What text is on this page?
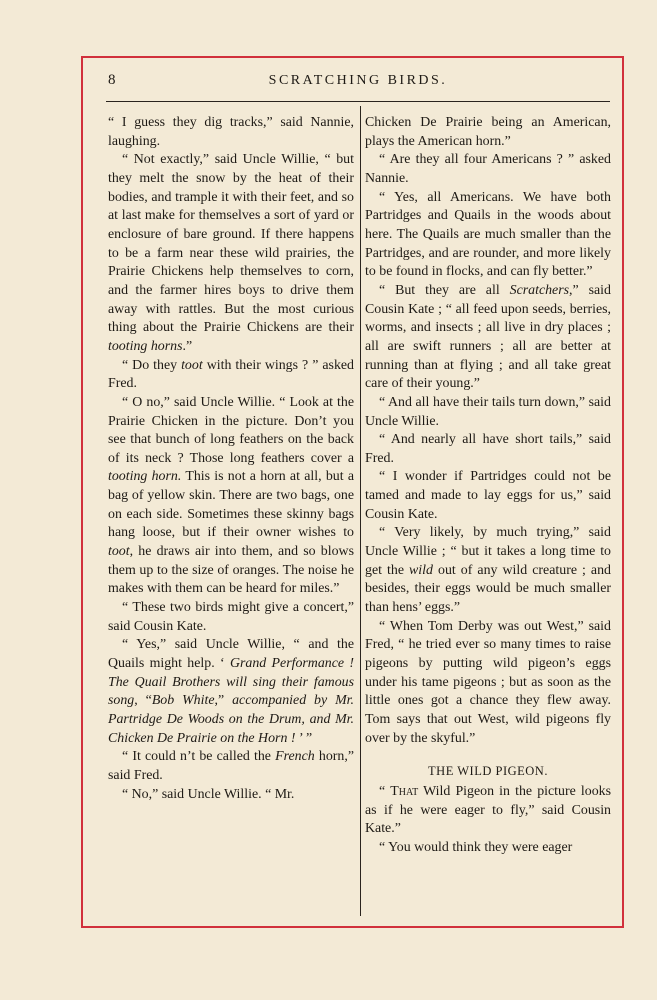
8	SCRATCHING BIRDS.

“ I guess they dig tracks,” said Nannie, laughing.

“ Not exactly,” said Uncle Willie, “ but they melt the snow by the heat of their bodies, and trample it with their feet, and so at last make for themselves a sort of yard or enclosure of bare ground. If there happens to be a farm near these wild prairies, the Prairie Chickens help themselves to corn, and the farmer hires boys to drive them away with rattles. But the most curious thing about the Prairie Chickens are their tooting horns.”

“ Do they toot with their wings ? ” asked Fred.

“ O no,” said Uncle Willie. “ Look at the Prairie Chicken in the picture. Don’t you see that bunch of long feathers on the back of its neck ? Those long feathers cover a tooting horn. This is not a horn at all, but a bag of yellow skin. There are two bags, one on each side. Sometimes these skinny bags hang loose, but if their owner wishes to toot, he draws air into them, and so blows them up to the size of oranges. The noise he makes with them can be heard for miles.”

“ These two birds might give a concert,” said Cousin Kate.

“ Yes,” said Uncle Willie, “ and the Quails might help. ‘ Grand Performance ! The Quail Brothers will sing their famous song, “Bob White,” accompanied by Mr. Partridge De Woods on the Drum, and Mr. Chicken De Prairie on the Horn ! ’ ”

“ It could n’t be called the French horn,” said Fred.

“ No,” said Uncle Willie. “ Mr.

Chicken De Prairie being an American, plays the American horn.”

“ Are they all four Americans ? ” asked Nannie.

“ Yes, all Americans. We have both Partridges and Quails in the woods about here. The Quails are much smaller than the Partridges, and are rounder, and more likely to be found in flocks, and can fly better.”

“ But they are all Scratchers,” said Cousin Kate ; “ all feed upon seeds, berries, worms, and insects ; all live in dry places ; all are swift runners ; all are better at running than at flying ; and all take great care of their young.”

“ And all have their tails turn down,” said Uncle Willie.

“ And nearly all have short tails,” said Fred.

“ I wonder if Partridges could not be tamed and made to lay eggs for us,” said Cousin Kate.

“ Very likely, by much trying,” said Uncle Willie ; “ but it takes a long time to get the wild out of any wild creature ; and besides, their eggs would be much smaller than hens’ eggs.”

“ When Tom Derby was out West,” said Fred, “ he tried ever so many times to raise pigeons by putting wild pigeon’s eggs under his tame pigeons ; but as soon as the little ones got a chance they flew away. Tom says that out West, wild pigeons fly over by the skyful.”

THE WILD PIGEON.

“ That Wild Pigeon in the picture looks as if he were eager to fly,” said Cousin Kate.”

“ You would think they were eager
